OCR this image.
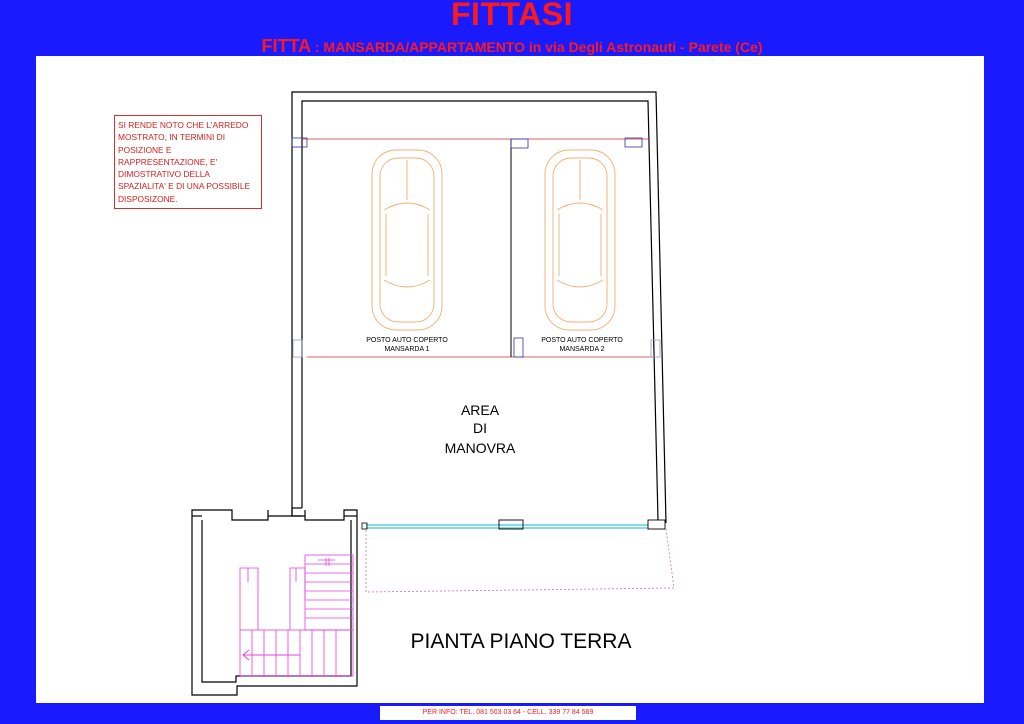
FITTASI
FITTA : MANSARDA/APPARTAMENTO in via Degli Astronauti - Parete (Ce)
POSTO AUTO COPERTO
MANSARDA 1
POSTO AUTO COPERTO
MANSARDA 2
AREA
DI
MANOVRA
PIANTA PIANO TERRA
SI RENDE NOTO CHE L'ARREDO MOSTRATO, IN TERMINI DI POSIZIONE E RAPPRESENTAZIONE, E' DIMOSTRATIVO DELLA SPAZIALITA' E DI UNA POSSIBILE DISPOSIZONE.
PER INFO: TEL. 081 503 03 64 - CELL. 339 77 84 569
